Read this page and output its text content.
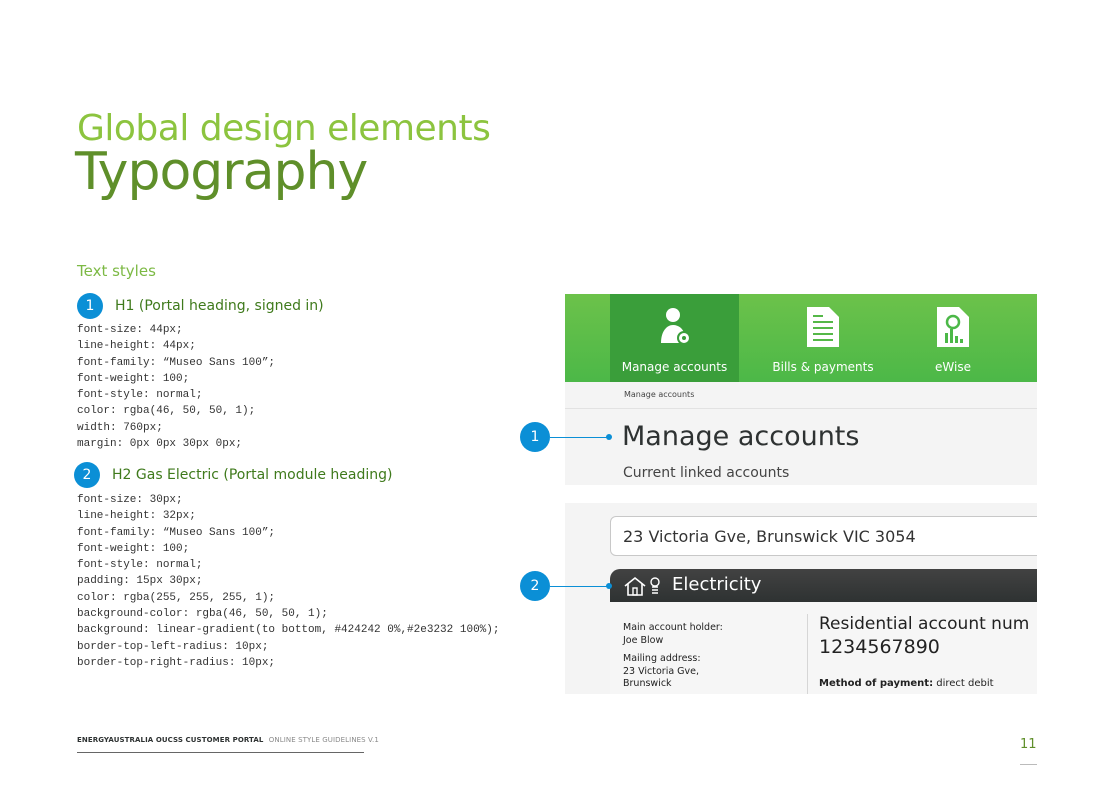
Global design elements
Typography
Text styles
1	H1 (Portal heading, signed in)
font-size: 44px;
line-height: 44px;
font-family: “Museo Sans 100”;
font-weight: 100;
font-style: normal;
color: rgba(46, 50, 50, 1);
width: 760px;
margin: 0px 0px 30px 0px;
2	H2 Gas Electric (Portal module heading)
font-size: 30px;
line-height: 32px;
font-family: “Museo Sans 100”;
font-weight: 100;
font-style: normal;
padding: 15px 30px;
color: rgba(255, 255, 255, 1);
background-color: rgba(46, 50, 50, 1);
background: linear-gradient(to bottom, #424242 0%,#2e3232 100%);
border-top-left-radius: 10px;
border-top-right-radius: 10px;
Manage accounts	Bills & payments	eWise
Manage accounts
Manage accounts
Current linked accounts
23 Victoria Gve, Brunswick VIC 3054
Electricity
Main account holder:
Joe Blow
Mailing address:
23 Victoria Gve,
Brunswick
Residential account num
1234567890
Method of payment: direct debit
1
2
ENERGYAUSTRALIA OUCSS CUSTOMER PORTAL ONLINE STYLE GUIDELINES V.1	11
